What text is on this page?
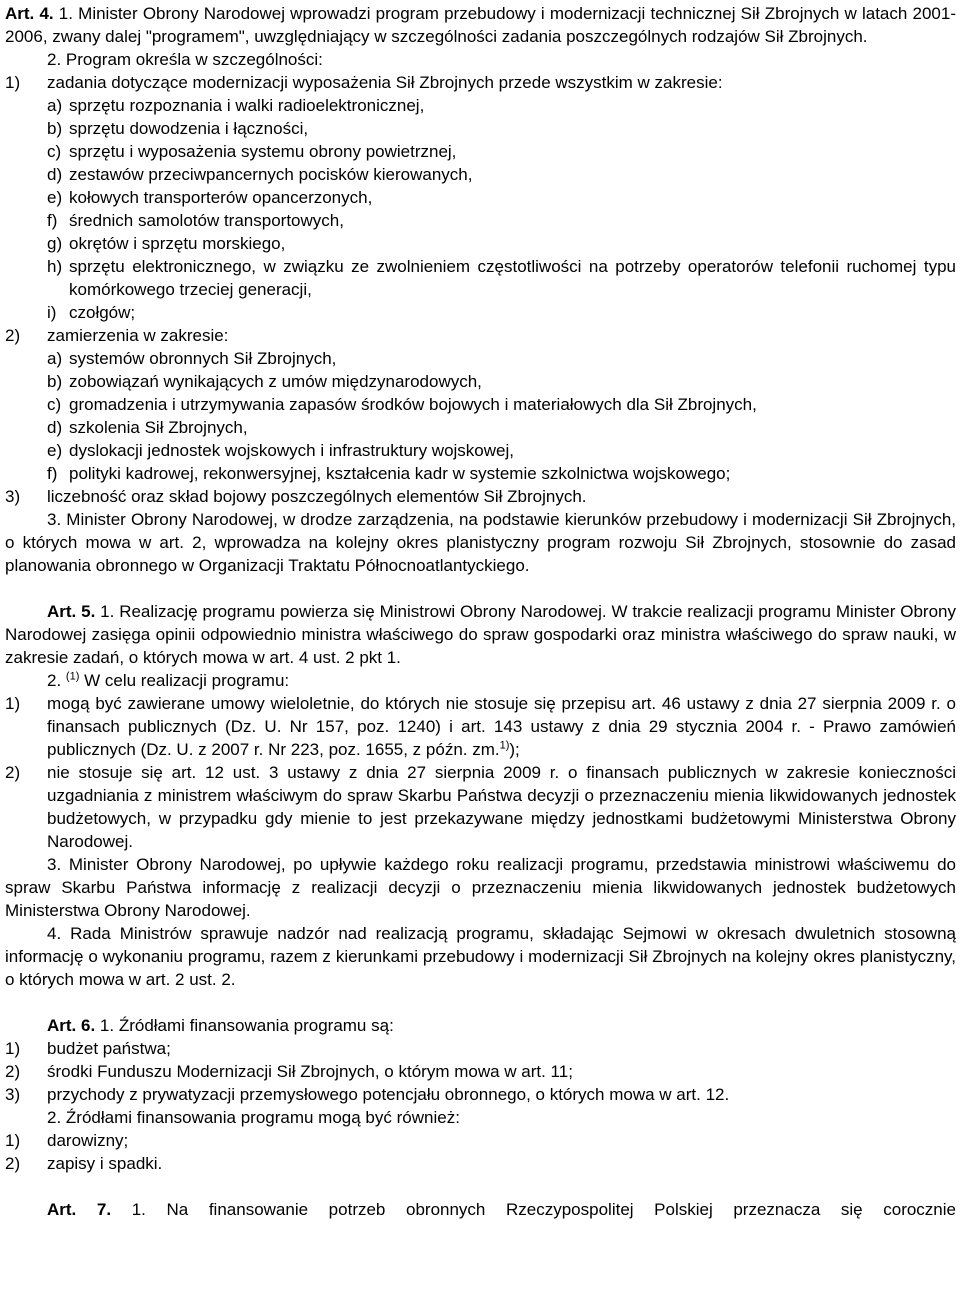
Art. 4. 1. Minister Obrony Narodowej wprowadzi program przebudowy i modernizacji technicznej Sił Zbrojnych w latach 2001-2006, zwany dalej "programem", uwzględniający w szczególności zadania poszczególnych rodzajów Sił Zbrojnych.

2. Program określa w szczególności:

1) zadania dotyczące modernizacji wyposażenia Sił Zbrojnych przede wszystkim w zakresie:
a) sprzętu rozpoznania i walki radioelektronicznej,
b) sprzętu dowodzenia i łączności,
c) sprzętu i wyposażenia systemu obrony powietrznej,
d) zestawów przeciwpancernych pocisków kierowanych,
e) kołowych transporterów opancerzonych,
f) średnich samolotów transportowych,
g) okrętów i sprzętu morskiego,
h) sprzętu elektronicznego, w związku ze zwolnieniem częstotliwości na potrzeby operatorów telefonii ruchomej typu komórkowego trzeciej generacji,
i) czołgów;
2) zamierzenia w zakresie:
a) systemów obronnych Sił Zbrojnych,
b) zobowiązań wynikających z umów międzynarodowych,
c) gromadzenia i utrzymywania zapasów środków bojowych i materiałowych dla Sił Zbrojnych,
d) szkolenia Sił Zbrojnych,
e) dyslokacji jednostek wojskowych i infrastruktury wojskowej,
f) polityki kadrowej, rekonwersyjnej, kształcenia kadr w systemie szkolnictwa wojskowego;
3) liczebność oraz skład bojowy poszczególnych elementów Sił Zbrojnych.

3. Minister Obrony Narodowej, w drodze zarządzenia, na podstawie kierunków przebudowy i modernizacji Sił Zbrojnych, o których mowa w art. 2, wprowadza na kolejny okres planistyczny program rozwoju Sił Zbrojnych, stosownie do zasad planowania obronnego w Organizacji Traktatu Północnoatlantyckiego.

Art. 5. 1. Realizację programu powierza się Ministrowi Obrony Narodowej. W trakcie realizacji programu Minister Obrony Narodowej zasięga opinii odpowiednio ministra właściwego do spraw gospodarki oraz ministra właściwego do spraw nauki, w zakresie zadań, o których mowa w art. 4 ust. 2 pkt 1.

2. $^{(1)}$ W celu realizacji programu:

1) mogą być zawierane umowy wieloletnie, do których nie stosuje się przepisu art. 46 ustawy z dnia 27 sierpnia 2009 r. o finansach publicznych (Dz. U. Nr 157, poz. 1240) i art. 143 ustawy z dnia 29 stycznia 2004 r. - Prawo zamówień publicznych (Dz. U. z 2007 r. Nr 223, poz. 1655, z późn. zm.$^{1)}$);
2) nie stosuje się art. 12 ust. 3 ustawy z dnia 27 sierpnia 2009 r. o finansach publicznych w zakresie konieczności uzgadniania z ministrem właściwym do spraw Skarbu Państwa decyzji o przeznaczeniu mienia likwidowanych jednostek budżetowych, w przypadku gdy mienie to jest przekazywane między jednostkami budżetowymi Ministerstwa Obrony Narodowej.

3. Minister Obrony Narodowej, po upływie każdego roku realizacji programu, przedstawia ministrowi właściwemu do spraw Skarbu Państwa informację z realizacji decyzji o przeznaczeniu mienia likwidowanych jednostek budżetowych Ministerstwa Obrony Narodowej.

4. Rada Ministrów sprawuje nadzór nad realizacją programu, składając Sejmowi w okresach dwuletnich stosowną informację o wykonaniu programu, razem z kierunkami przebudowy i modernizacji Sił Zbrojnych na kolejny okres planistyczny, o których mowa w art. 2 ust. 2.

Art. 6. 1. Źródłami finansowania programu są:

1) budżet państwa;
2) środki Funduszu Modernizacji Sił Zbrojnych, o którym mowa w art. 11;
3) przychody z prywatyzacji przemysłowego potencjału obronnego, o których mowa w art. 12.

2. Źródłami finansowania programu mogą być również:

1) darowizny;
2) zapisy i spadki.

Art. 7. 1. Na finansowanie potrzeb obronnych Rzeczypospolitej Polskiej przeznacza się corocznie
